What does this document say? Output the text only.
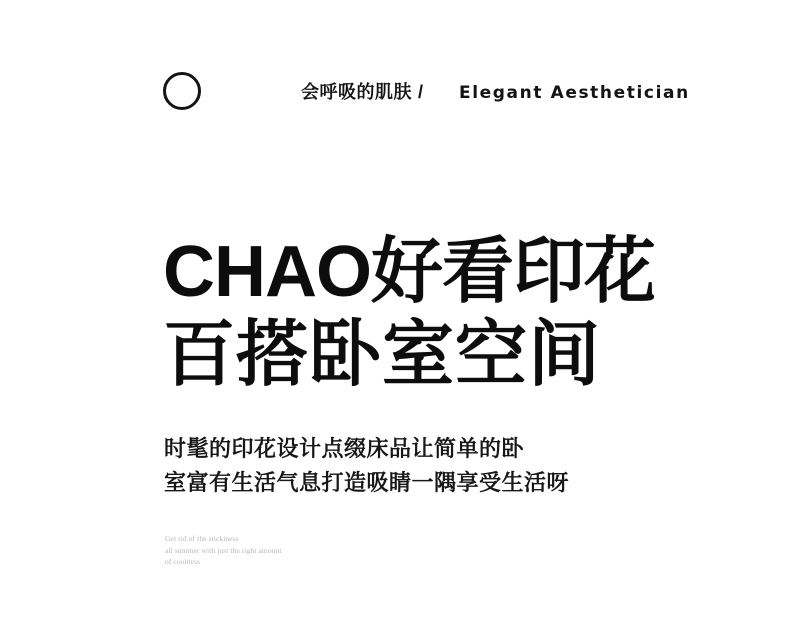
会呼吸的肌肤 / Elegant Aesthetician
CHAO好看印花
百搭卧室空间
时髦的印花设计点缀床品让简单的卧
室富有生活气息打造吸睛一隅享受生活呀
Get rid of the stickiness
all summer with just the right amount
of coolness
